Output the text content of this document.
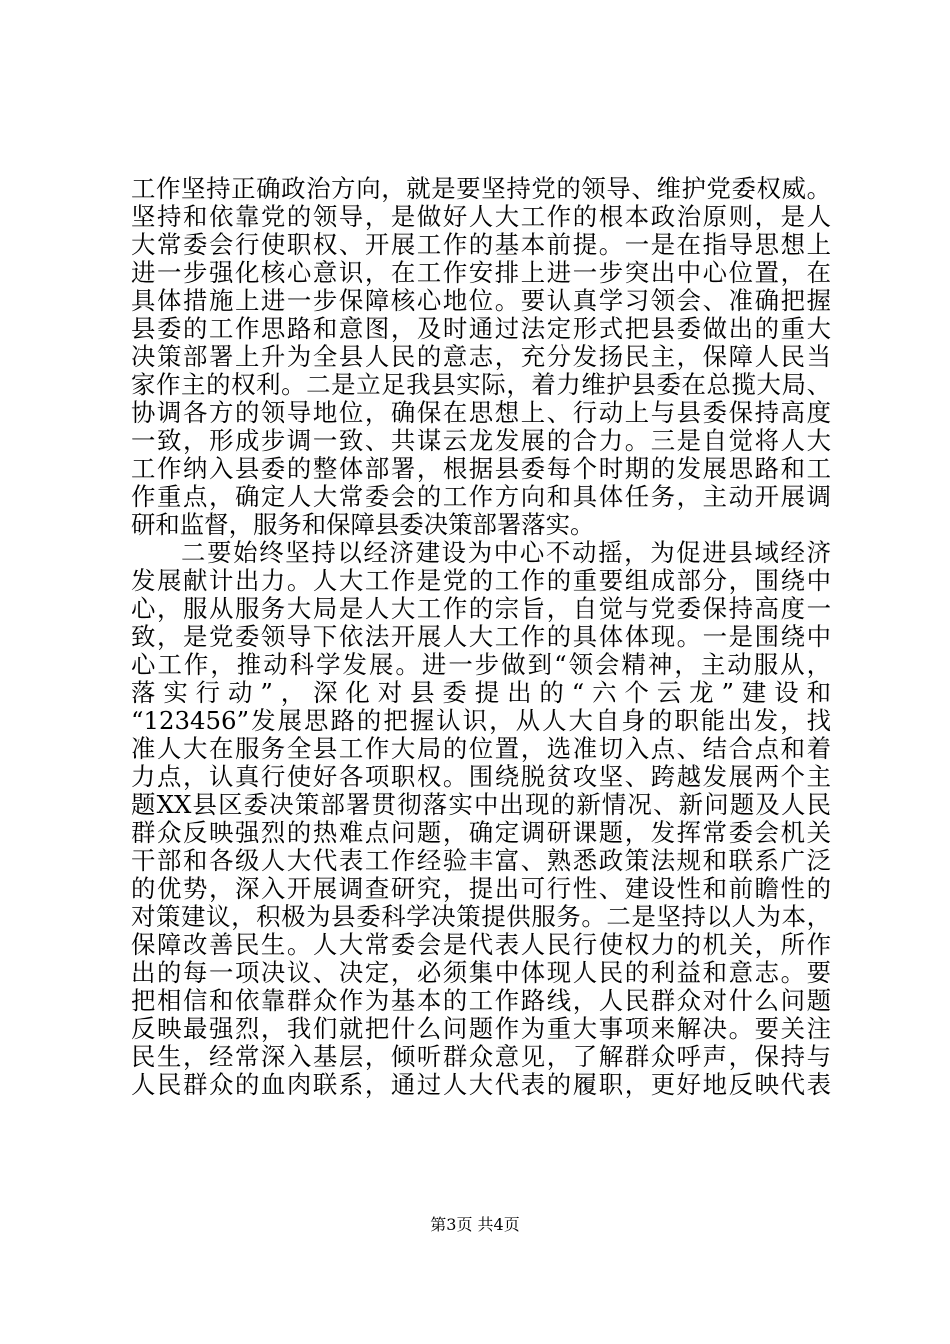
工作坚持正确政治方向，就是要坚持党的领导、维护党委权威。
坚持和依靠党的领导，是做好人大工作的根本政治原则，是人
大常委会行使职权、开展工作的基本前提。一是在指导思想上
进一步强化核心意识，在工作安排上进一步突出中心位置，在
具体措施上进一步保障核心地位。要认真学习领会、准确把握
县委的工作思路和意图，及时通过法定形式把县委做出的重大
决策部署上升为全县人民的意志，充分发扬民主，保障人民当
家作主的权利。二是立足我县实际，着力维护县委在总揽大局、
协调各方的领导地位，确保在思想上、行动上与县委保持高度
一致，形成步调一致、共谋云龙发展的合力。三是自觉将人大
工作纳入县委的整体部署，根据县委每个时期的发展思路和工
作重点，确定人大常委会的工作方向和具体任务，主动开展调
研和监督，服务和保障县委决策部署落实。
二要始终坚持以经济建设为中心不动摇，为促进县域经济
发展献计出力。人大工作是党的工作的重要组成部分，围绕中
心，服从服务大局是人大工作的宗旨，自觉与党委保持高度一
致，是党委领导下依法开展人大工作的具体体现。一是围绕中
心工作，推动科学发展。进一步做到“领会精神，主动服从，
落实行动”，深化对县委提出的“六个云龙”建设和
“123456”发展思路的把握认识，从人大自身的职能出发，找
准人大在服务全县工作大局的位置，选准切入点、结合点和着
力点，认真行使好各项职权。围绕脱贫攻坚、跨越发展两个主
题XX县区委决策部署贯彻落实中出现的新情况、新问题及人民
群众反映强烈的热难点问题，确定调研课题，发挥常委会机关
干部和各级人大代表工作经验丰富、熟悉政策法规和联系广泛
的优势，深入开展调查研究，提出可行性、建设性和前瞻性的
对策建议，积极为县委科学决策提供服务。二是坚持以人为本，
保障改善民生。人大常委会是代表人民行使权力的机关，所作
出的每一项决议、决定，必须集中体现人民的利益和意志。要
把相信和依靠群众作为基本的工作路线，人民群众对什么问题
反映最强烈，我们就把什么问题作为重大事项来解决。要关注
民生，经常深入基层，倾听群众意见，了解群众呼声，保持与
人民群众的血肉联系，通过人大代表的履职，更好地反映代表
第3页 共4页
